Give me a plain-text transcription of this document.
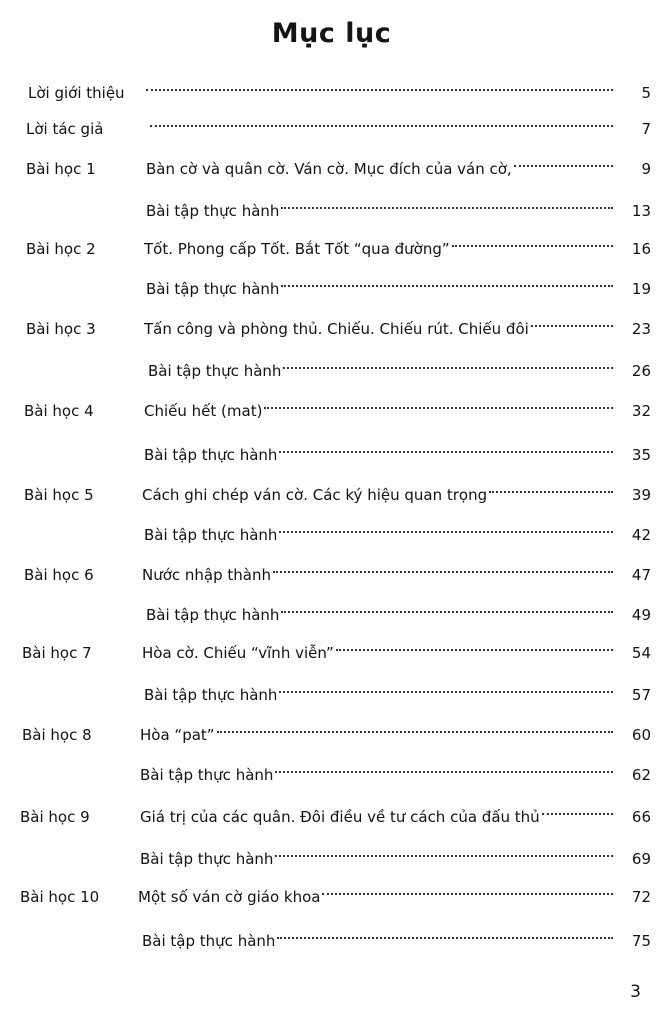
Mục lục
Lời giới thiệu	5
Lời tác giả	7
Bài học 1	Bàn cờ và quân cờ. Ván cờ. Mục đích của ván cờ,	9
Bài tập thực hành	13
Bài học 2	Tốt. Phong cấp Tốt. Bắt Tốt “qua đường”	16
Bài tập thực hành	19
Bài học 3	Tấn công và phòng thủ. Chiếu. Chiếu rút. Chiếu đôi	23
Bài tập thực hành	26
Bài học 4	Chiếu hết (mat)	32
Bài tập thực hành	35
Bài học 5	Cách ghi chép ván cờ. Các ký hiệu quan trọng	39
Bài tập thực hành	42
Bài học 6	Nước nhập thành	47
Bài tập thực hành	49
Bài học 7	Hòa cờ. Chiếu “vĩnh viễn”	54
Bài tập thực hành	57
Bài học 8	Hòa “pat”	60
Bài tập thực hành	62
Bài học 9	Giá trị của các quân. Đôi điều về tư cách của đấu thủ	66
Bài tập thực hành	69
Bài học 10	Một số ván cờ giáo khoa	72
Bài tập thực hành	75
3
